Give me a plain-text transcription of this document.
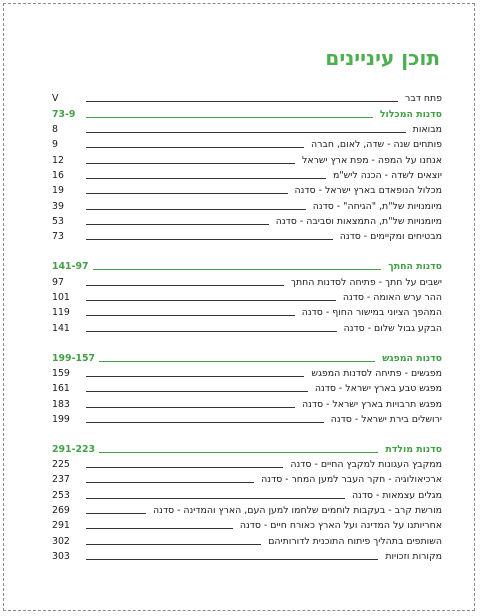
תוכן עיניינים
פתח דבר
V
סדנות המכלול
73-9
מבואות
8
פותחים שנה - שדה, לאום, חברה
9
אנחנו על המפה - מפת ארץ ישראל
12
יוצאים לשדה - הכנה ליש"מ
16
מכלול הנופאדם בארץ ישראל - סדנה
19
מיומנויות של"ת, "הגיחה" - סדנה
39
מיומנויות של"ת, התמצאות וסביבה - סדנה
53
מבטיחים ומקיימים - סדנה
73
סדנות החתך
141-97
ישבים על חתך - פתיחה לסדנות החתך
97
ההר ערש האומה - סדנה
101
המהפך הציוני במישור החוף - סדנה
119
הבקע גבול שלום - סדנה
141
סדנות המפגש
199-157
מפגשים - פתיחה לסדנות המפגש
159
מפגש טבע בארץ ישראל - סדנה
161
מפגש תרבויות בארץ ישראל - סדנה
183
ירושלים בירת ישראל - סדנה
199
סדנות מולדת
291-223
ממקבץ העגונות למקבץ החיים - סדנה
225
ארכיאולוגיה - חקר העבר למען המחר - סדנה
237
מגלים עצמאות - סדנה
253
מורשת קרב - בעקבות לוחמים שלחמו למען העם, הארץ והמדינה - סדנה
269
אחריותנו על המדינה ועל הארץ כאורח חיים - סדנה
291
השותפים בתהליך פיתוח התוכנית לדורותיהם
302
מקורות וזכויות
303
